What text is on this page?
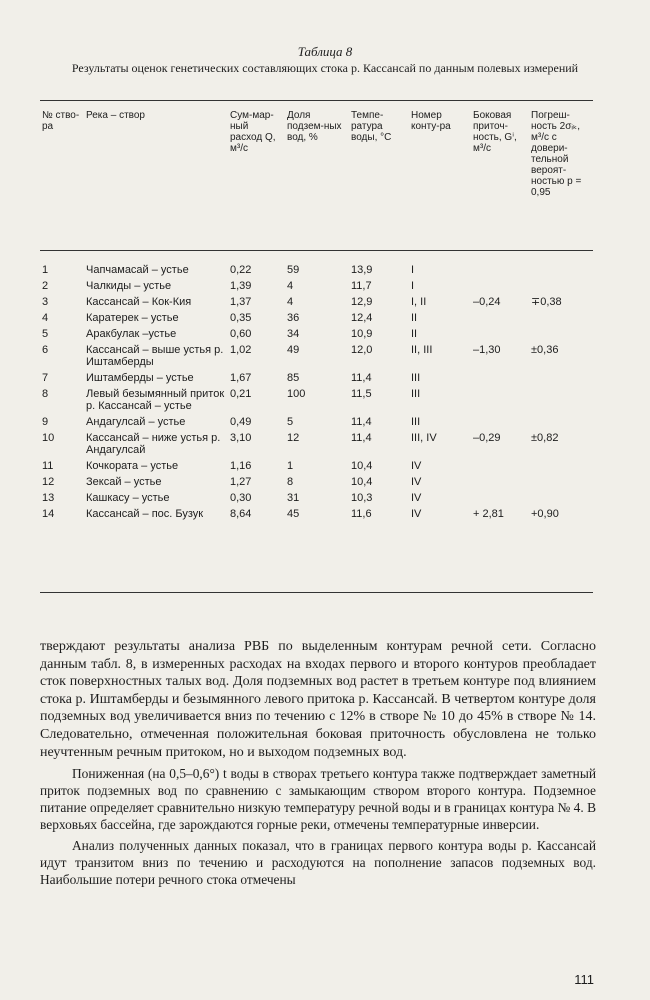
Таблица 8
Результаты оценок генетических составляющих стока р. Кассансай по данным полевых измерений
№ ство-ра	Река – створ	Сум-мар-ный расход Q, м³/с	Доля подзем-ных вод, %	Темпе-ратура воды, °С	Номер конту-ра	Боковая приточ-ность, Gⁱ, м³/с	Погреш-ность 2σᵢₖ, м³/с с довери-тельной вероят-ностью p = 0,95
1	Чапчамасай – устье	0,22	59	13,9	I		
2	Чалкиды – устье	1,39	4	11,7	I		
3	Кассансай – Кок-Кия	1,37	4	12,9	I, II	–0,24	∓0,38
4	Каратерек – устье	0,35	36	12,4	II		
5	Аракбулак –устье	0,60	34	10,9	II		
6	Кассансай – выше устья р. Иштамберды	1,02	49	12,0	II, III	–1,30	±0,36
7	Иштамберды – устье	1,67	85	11,4	III		
8	Левый безымянный приток р. Кассансай – устье	0,21	100	11,5	III		
9	Андагулсай – устье	0,49	5	11,4	III		
10	Кассансай – ниже устья р. Андагулсай	3,10	12	11,4	III, IV	–0,29	±0,82
11	Кочкората – устье	1,16	1	10,4	IV		
12	Зексай – устье	1,27	8	10,4	IV		
13	Кашкасу – устье	0,30	31	10,3	IV		
14	Кассансай – пос. Бузук	8,64	45	11,6	IV	+ 2,81	+0,90

тверждают результаты анализа РВБ по выделенным контурам речной сети. Согласно данным табл. 8, в измеренных расходах на входах первого и второго контуров преобладает сток поверхностных талых вод. Доля подземных вод растет в третьем контуре под влиянием стока р. Иштамберды и безымянного левого притока р. Кассансай. В четвертом контуре доля подземных вод увеличивается вниз по течению с 12% в створе № 10 до 45% в створе № 14. Следовательно, отмеченная положительная боковая приточность обусловлена не только неучтенным речным притоком, но и выходом подземных вод.

Пониженная (на 0,5–0,6°) t воды в створах третьего контура также подтверждает заметный приток подземных вод по сравнению с замыкающим створом второго контура. Подземное питание определяет сравнительно низкую температуру речной воды и в границах контура № 4. В верховьях бассейна, где зарождаются горные реки, отмечены температурные инверсии.

Анализ полученных данных показал, что в границах первого контура воды р. Кассансай идут транзитом вниз по течению и расходуются на пополнение запасов подземных вод. Наибольшие потери речного стока отмечены

111
